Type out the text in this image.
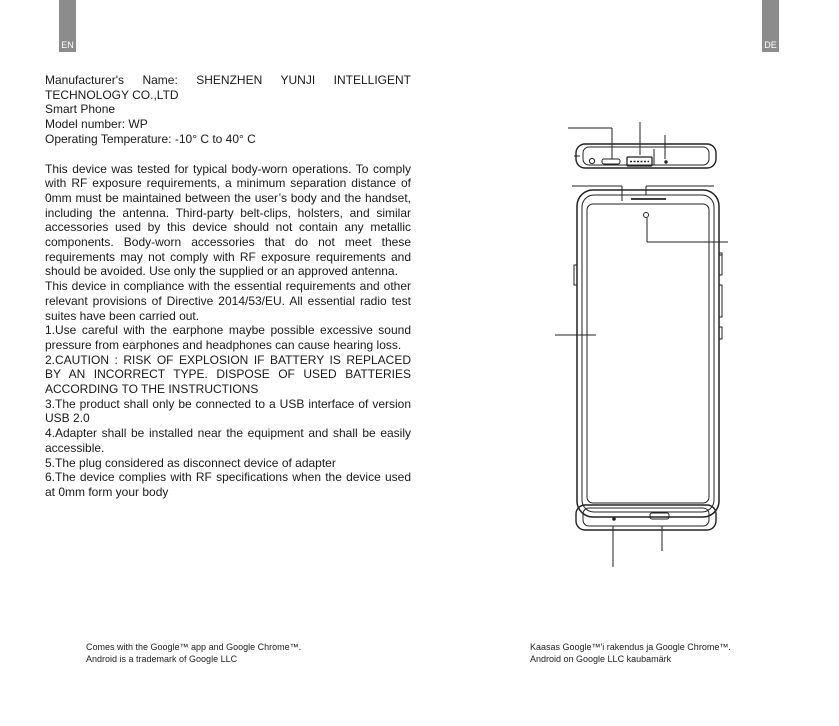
EN	DE

Manufacturer's Name: SHENZHEN YUNJI INTELLIGENT

TECHNOLOGY CO.,LTD

Smart Phone

Model number: WP

Operating Temperature: -10° C to 40° C

This device was tested for typical body-worn operations. To comply with RF exposure requirements, a minimum separation distance of 0mm must be maintained between the user’s body and the handset, including the antenna. Third-party belt-clips, holsters, and similar accessories used by this device should not contain any metallic components. Body-worn accessories that do not meet these requirements may not comply with RF exposure requirements and should be avoided. Use only the supplied or an approved antenna.

This device in compliance with the essential requirements and other relevant provisions of Directive 2014/53/EU. All essential radio test suites have been carried out.

1.Use careful with the earphone maybe possible excessive sound pressure from earphones and headphones can cause hearing loss.

2.CAUTION : RISK OF EXPLOSION IF BATTERY IS REPLACED BY AN INCORRECT TYPE. DISPOSE OF USED BATTERIES ACCORDING TO THE INSTRUCTIONS

3.The product shall only be connected to a USB interface of version USB 2.0

4.Adapter shall be installed near the equipment and shall be easily accessible.

5.The plug considered as disconnect device of adapter

6.The device complies with RF specifications when the device used at 0mm form your body

Comes with the Google™ app and Google Chrome™.

Android is a trademark of Google LLC

Kaasas Google™'i rakendus ja Google Chrome™.

Android on Google LLC kaubamärk
